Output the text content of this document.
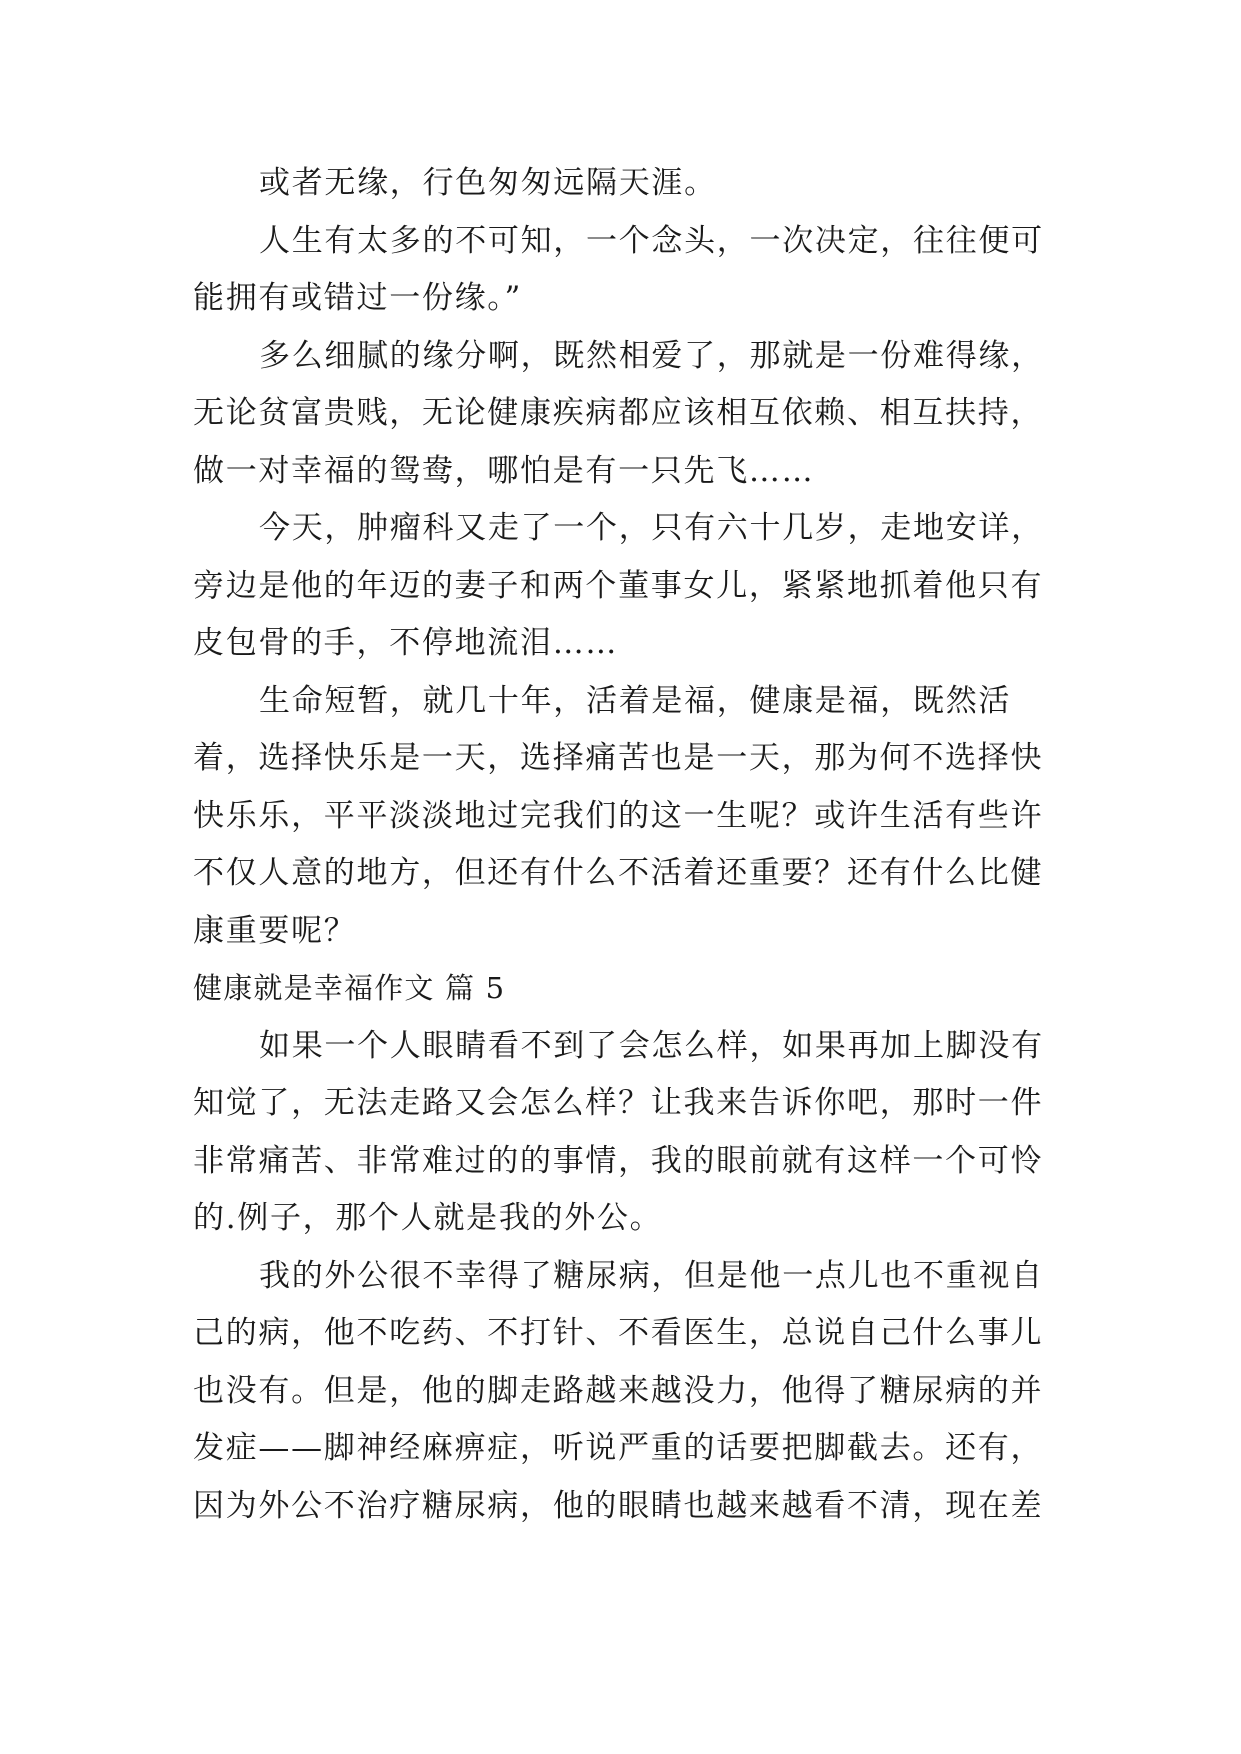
或者无缘，行色匆匆远隔天涯。

人生有太多的不可知，一个念头，一次决定，往往便可能拥有或错过一份缘。”

多么细腻的缘分啊，既然相爱了，那就是一份难得缘，无论贫富贵贱，无论健康疾病都应该相互依赖、相互扶持，做一对幸福的鸳鸯，哪怕是有一只先飞……

今天，肿瘤科又走了一个，只有六十几岁，走地安详，旁边是他的年迈的妻子和两个董事女儿，紧紧地抓着他只有皮包骨的手，不停地流泪……

生命短暂，就几十年，活着是福，健康是福，既然活着，选择快乐是一天，选择痛苦也是一天，那为何不选择快快乐乐，平平淡淡地过完我们的这一生呢？或许生活有些许不仅人意的地方，但还有什么不活着还重要？还有什么比健康重要呢？

健康就是幸福作文 篇 5

如果一个人眼睛看不到了会怎么样，如果再加上脚没有知觉了，无法走路又会怎么样？让我来告诉你吧，那时一件非常痛苦、非常难过的的事情，我的眼前就有这样一个可怜的.例子，那个人就是我的外公。

我的外公很不幸得了糖尿病，但是他一点儿也不重视自己的病，他不吃药、不打针、不看医生，总说自己什么事儿也没有。但是，他的脚走路越来越没力，他得了糖尿病的并发症——脚神经麻痹症，听说严重的话要把脚截去。还有，因为外公不治疗糖尿病，他的眼睛也越来越看不清，现在差
